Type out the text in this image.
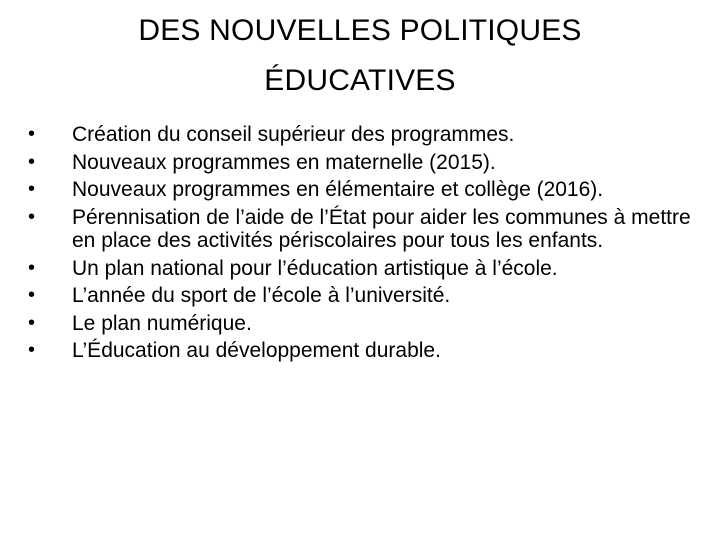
DES NOUVELLES POLITIQUES
ÉDUCATIVES
•	Création du conseil supérieur des programmes.
•	Nouveaux programmes en maternelle (2015).
•	Nouveaux programmes en élémentaire et collège (2016).
•	Pérennisation de l’aide de l’État pour aider les communes à mettre en place des activités périscolaires pour tous les enfants.
•	Un plan national pour l’éducation artistique à l’école.
•	L’année du sport de l’école à l’université.
•	Le plan numérique.
•	L’Éducation au développement durable.
